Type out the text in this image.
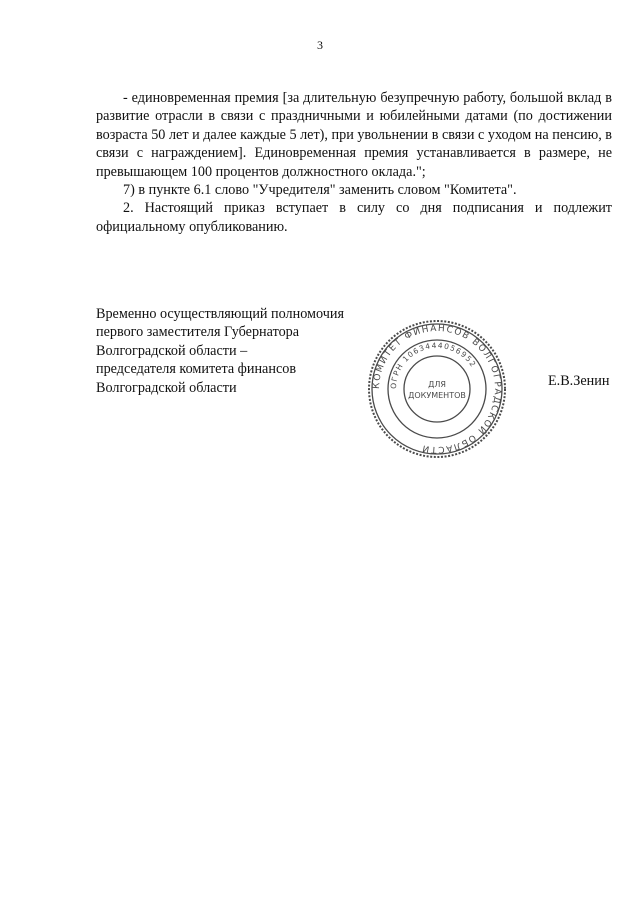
3

- единовременная премия [за длительную безупречную работу, большой вклад в развитие отрасли в связи с праздничными и юбилейными датами (по достижении возраста 50 лет и далее каждые 5 лет), при увольнении в связи с уходом на пенсию, в связи с награждением]. Единовременная премия устанавливается в размере, не превышающем 100 процентов должностного оклада.";

7) в пункте 6.1 слово "Учредителя" заменить словом "Комитета".

2. Настоящий приказ вступает в силу со дня подписания и подлежит официальному опубликованию.

Временно осуществляющий полномочия
первого заместителя Губернатора
Волгоградской области –
председателя комитета финансов
Волгоградской области	КОМИТЕТ ФИНАНСОВ ВОЛГОГРАДСКОЙ ОБЛАСТИ
ОГРН 1063444056952
ДЛЯ
ДОКУМЕНТОВ
Е.В.Зенин
